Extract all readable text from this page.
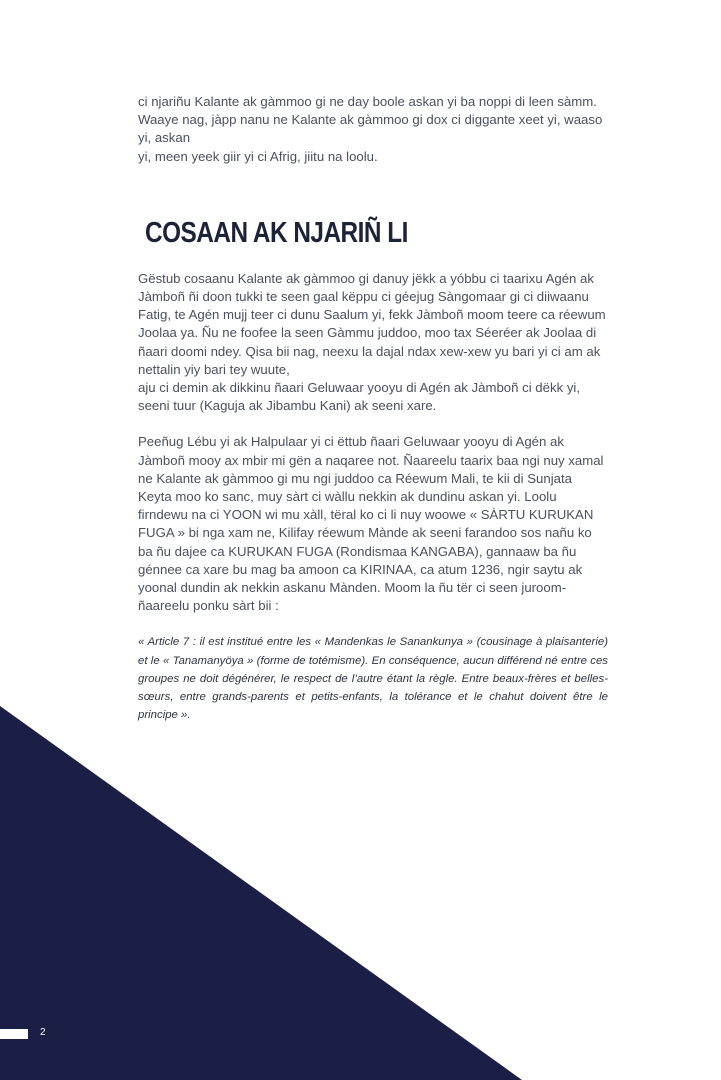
ci njariñu Kalante ak gàmmoo gi ne day boole askan yi ba noppi di leen sàmm.

Waaye nag, jàpp nanu ne Kalante ak gàmmoo gi dox ci diggante xeet yi, waaso yi, askan

yi, meen yeek giir yi ci Afrig, jiitu na loolu.

COSAAN AK NJARIÑ LI

Gëstub cosaanu Kalante ak gàmmoo gi danuy jëkk a yóbbu ci taarixu Agén ak Jàmboñ ñi doon tukki te seen gaal këppu ci géejug Sàngomaar gi ci diiwaanu Fatig, te Agén mujj teer ci dunu Saalum yi, fekk Jàmboñ moom teere ca réewum Joolaa ya. Ñu ne foofee la seen Gàmmu juddoo, moo tax Séeréer ak Joolaa di ñaari doomi ndey. Qisa bii nag, neexu la dajal ndax xew-xew yu bari yi ci am ak nettalin yiy bari tey wuute,

aju ci demin ak dikkinu ñaari Geluwaar yooyu di Agén ak Jàmboñ ci dëkk yi, seeni tuur (Kaguja ak Jibambu Kani) ak seeni xare.

Peeñug Lébu yi ak Halpulaar yi ci ëttub ñaari Geluwaar yooyu di Agén ak Jàmboñ mooy ax mbir mi gën a naqaree not. Ñaareelu taarix baa ngi nuy xamal ne Kalante ak gàmmoo gi mu ngi juddoo ca Réewum Mali, te kii di Sunjata Keyta moo ko sanc, muy sàrt ci wàllu nekkin ak dundinu askan yi. Loolu firndewu na ci YOON wi mu xàll, tëral ko ci li nuy woowe « SÀRTU KURUKAN FUGA » bi nga xam ne, Kilifay réewum Mànde ak seeni farandoo sos nañu ko ba ñu dajee ca KURUKAN FUGA (Rondismaa KANGABA), gannaaw ba ñu génnee ca xare bu mag ba amoon ca KIRINAA, ca atum 1236, ngir saytu ak yoonal dundin ak nekkin askanu Mànden. Moom la ñu tër ci seen juroom-ñaareelu ponku sàrt bii :

« Article 7 : il est institué entre les « Mandenkas le Sanankunya » (cousinage à plaisanterie) et le « Tanamanyöya » (forme de totémisme). En conséquence, aucun différend né entre ces groupes ne doit dégénérer, le respect de l’autre étant la règle. Entre beaux-frères et belles-sœurs, entre grands-parents et petits-enfants, la tolérance et le chahut doivent être le principe ».

2
